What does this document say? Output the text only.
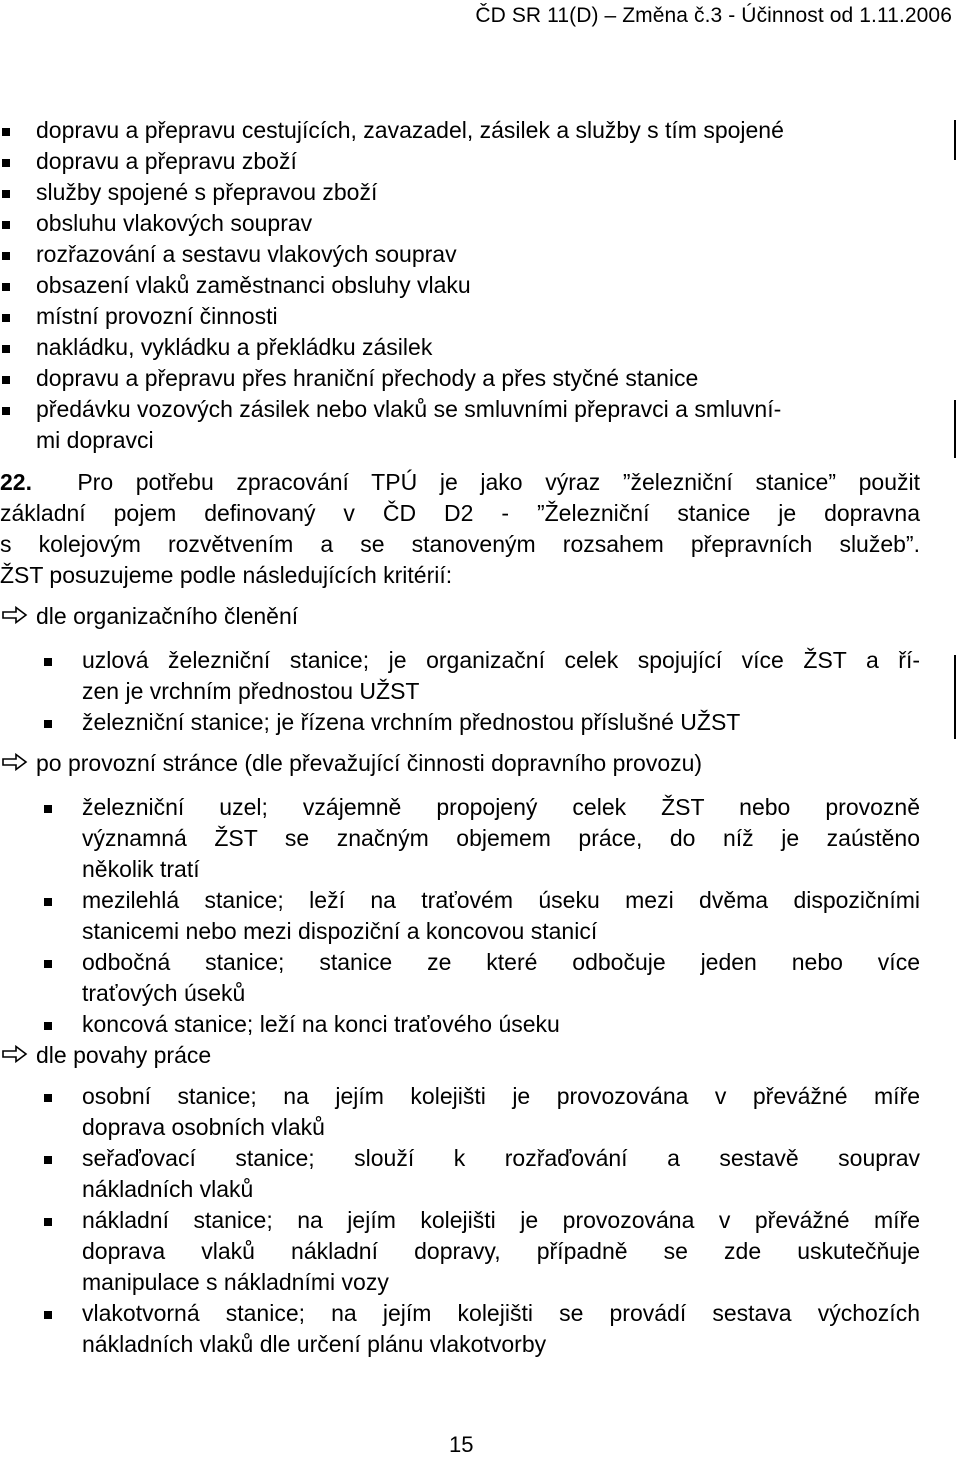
ČD SR 11(D) – Změna č.3 - Účinnost od 1.11.2006
dopravu a přepravu cestujících, zavazadel, zásilek a služby s tím spojené
dopravu a přepravu zboží
služby spojené s přepravou zboží
obsluhu vlakových souprav
rozřazování a sestavu vlakových souprav
obsazení vlaků zaměstnanci obsluhy vlaku
místní provozní činnosti
nakládku, vykládku a překládku zásilek
dopravu a přepravu přes hraniční přechody a přes styčné stanice
předávku vozových zásilek nebo vlaků se smluvními přepravci a smluvní-
mi dopravci
22. Pro potřebu zpracování TPÚ je jako výraz ”železniční stanice” použit
základní pojem definovaný v ČD D2 - ”Železniční stanice je dopravna
s kolejovým rozvětvením a se stanoveným rozsahem přepravních služeb”.
ŽST posuzujeme podle následujících kritérií:
dle organizačního členění
uzlová železniční stanice; je organizační celek spojující více ŽST a ří-
zen je vrchním přednostou UŽST
železniční stanice; je řízena vrchním přednostou příslušné UŽST
po provozní stránce (dle převažující činnosti dopravního provozu)
železniční uzel; vzájemně propojený celek ŽST nebo provozně
významná ŽST se značným objemem práce, do níž je zaústěno
několik tratí
mezilehlá stanice; leží na traťovém úseku mezi dvěma dispozičními
stanicemi nebo mezi dispoziční a koncovou stanicí
odbočná stanice; stanice ze které odbočuje jeden nebo více
traťových úseků
koncová stanice; leží na konci traťového úseku
dle povahy práce
osobní stanice; na jejím kolejišti je provozována v převážné míře
doprava osobních vlaků
seřaďovací stanice; slouží k rozřaďování a sestavě souprav
nákladních vlaků
nákladní stanice; na jejím kolejišti je provozována v převážné míře
doprava vlaků nákladní dopravy, případně se zde uskutečňuje
manipulace s nákladními vozy
vlakotvorná stanice; na jejím kolejišti se provádí sestava výchozích
nákladních vlaků dle určení plánu vlakotvorby
15
